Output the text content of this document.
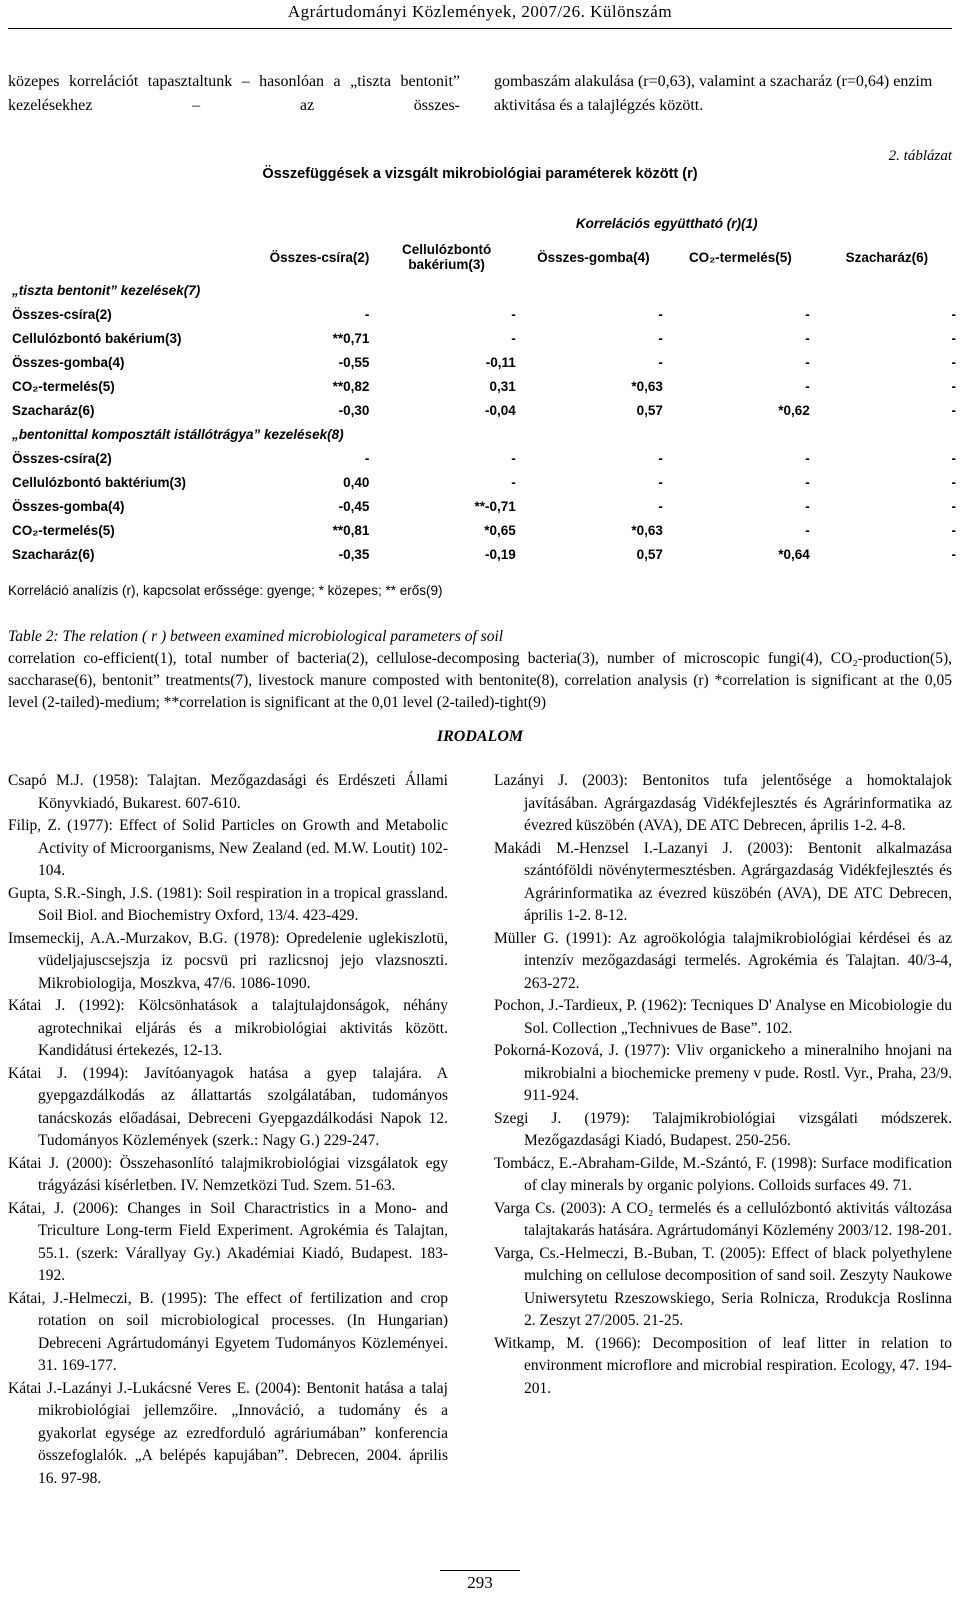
Agrártudományi Közlemények, 2007/26. Különszám
közepes korrelációt tapasztaltunk – hasonlóan a „tiszta bentonit” kezelésekhez – az összes-
gombaszám alakulása (r=0,63), valamint a szacharáz (r=0,64) enzim aktivitása és a talajlégzés között.
2. táblázat
Összefüggések a vizsgált mikrobiológiai paraméterek között (r)
		Korrelációs együttható (r)(1)			
	Összes-csíra(2)	Cellulózbontó bakérium(3)	Összes-gomba(4)	CO₂-termelés(5)	Szacharáz(6)
„tiszta bentonit” kezelések(7)					
Összes-csíra(2)	-	-	-	-	-
Cellulózbontó bakérium(3)	**0,71	-	-	-	-
Összes-gomba(4)	-0,55	-0,11	-	-	-
CO₂-termelés(5)	**0,82	0,31	*0,63	-	-
Szacharáz(6)	-0,30	-0,04	0,57	*0,62	-
„bentonittal komposztált istállótrágya” kezelések(8)					
Összes-csíra(2)	-	-	-	-	-
Cellulózbontó baktérium(3)	0,40	-	-	-	-
Összes-gomba(4)	-0,45	**-0,71	-	-	-
CO₂-termelés(5)	**0,81	*0,65	*0,63	-	-
Szacharáz(6)	-0,35	-0,19	0,57	*0,64	-
Korreláció analízis (r), kapcsolat erőssége: gyenge; * közepes; ** erős(9)
Table 2: The relation ( r ) between examined microbiological parameters of soil
correlation co-efficient(1), total number of bacteria(2), cellulose-decomposing bacteria(3), number of microscopic fungi(4), CO₂-production(5), saccharase(6), bentonit” treatments(7), livestock manure composted with bentonite(8), correlation analysis (r) *correlation is significant at the 0,05 level (2-tailed)-medium; **correlation is significant at the 0,01 level (2-tailed)-tight(9)
IRODALOM
Csapó M.J. (1958): Talajtan. Mezőgazdasági és Erdészeti Állami Könyvkiadó, Bukarest. 607-610.
Filip, Z. (1977): Effect of Solid Particles on Growth and Metabolic Activity of Microorganisms, New Zealand (ed. M.W. Loutit) 102-104.
Gupta, S.R.-Singh, J.S. (1981): Soil respiration in a tropical grassland. Soil Biol. and Biochemistry Oxford, 13/4. 423-429.
Imsemeckij, A.A.-Murzakov, B.G. (1978): Opredelenie uglekiszlotü, vüdeljajuscsejszja iz pocsvü pri razlicsnoj jejo vlazsnoszti. Mikrobiologija, Moszkva, 47/6. 1086-1090.
Kátai J. (1992): Kölcsönhatások a talajtulajdonságok, néhány agrotechnikai eljárás és a mikrobiológiai aktivitás között. Kandidátusi értekezés, 12-13.
Kátai J. (1994): Javítóanyagok hatása a gyep talajára. A gyepgazdálkodás az állattartás szolgálatában, tudományos tanácskozás előadásai, Debreceni Gyepgazdálkodási Napok 12. Tudományos Közlemények (szerk.: Nagy G.) 229-247.
Kátai J. (2000): Összehasonlító talajmikrobiológiai vizsgálatok egy trágyázási kísérletben. IV. Nemzetközi Tud. Szem. 51-63.
Kátai, J. (2006): Changes in Soil Charactristics in a Mono- and Triculture Long-term Field Experiment. Agrokémia és Talajtan, 55.1. (szerk: Várallyay Gy.) Akadémiai Kiadó, Budapest. 183-192.
Kátai, J.-Helmeczi, B. (1995): The effect of fertilization and crop rotation on soil microbiological processes. (In Hungarian) Debreceni Agrártudományi Egyetem Tudományos Közleményei. 31. 169-177.
Kátai J.-Lazányi J.-Lukácsné Veres E. (2004): Bentonit hatása a talaj mikrobiológiai jellemzőire. „Innováció, a tudomány és a gyakorlat egysége az ezredforduló agráriumában” konferencia összefoglalók. „A belépés kapujában”. Debrecen, 2004. április 16. 97-98.
Lazányi J. (2003): Bentonitos tufa jelentősége a homoktalajok javításában. Agrárgazdaság Vidékfejlesztés és Agrárinformatika az évezred küszöbén (AVA), DE ATC Debrecen, április 1-2. 4-8.
Makádi M.-Henzsel I.-Lazanyi J. (2003): Bentonit alkalmazása szántóföldi növénytermesztésben. Agrárgazdaság Vidékfejlesztés és Agrárinformatika az évezred küszöbén (AVA), DE ATC Debrecen, április 1-2. 8-12.
Müller G. (1991): Az agroökológia talajmikrobiológiai kérdései és az intenzív mezőgazdasági termelés. Agrokémia és Talajtan. 40/3-4, 263-272.
Pochon, J.-Tardieux, P. (1962): Tecniques D' Analyse en Micobiologie du Sol. Collection „Technivues de Base”. 102.
Pokorná-Kozová, J. (1977): Vliv organickeho a mineralniho hnojani na mikrobialni a biochemicke premeny v pude. Rostl. Vyr., Praha, 23/9. 911-924.
Szegi J. (1979): Talajmikrobiológiai vizsgálati módszerek. Mezőgazdasági Kiadó, Budapest. 250-256.
Tombácz, E.-Abraham-Gilde, M.-Szántó, F. (1998): Surface modification of clay minerals by organic polyions. Colloids surfaces 49. 71.
Varga Cs. (2003): A CO₂ termelés és a cellulózbontó aktivitás változása talajtakarás hatására. Agrártudományi Közlemény 2003/12. 198-201.
Varga, Cs.-Helmeczi, B.-Buban, T. (2005): Effect of black polyethylene mulching on cellulose decomposition of sand soil. Zeszyty Naukowe Uniwersytetu Rzeszowskiego, Seria Rolnicza, Rrodukcja Roslinna 2. Zeszyt 27/2005. 21-25.
Witkamp, M. (1966): Decomposition of leaf litter in relation to environment microflore and microbial respiration. Ecology, 47. 194-201.
293
